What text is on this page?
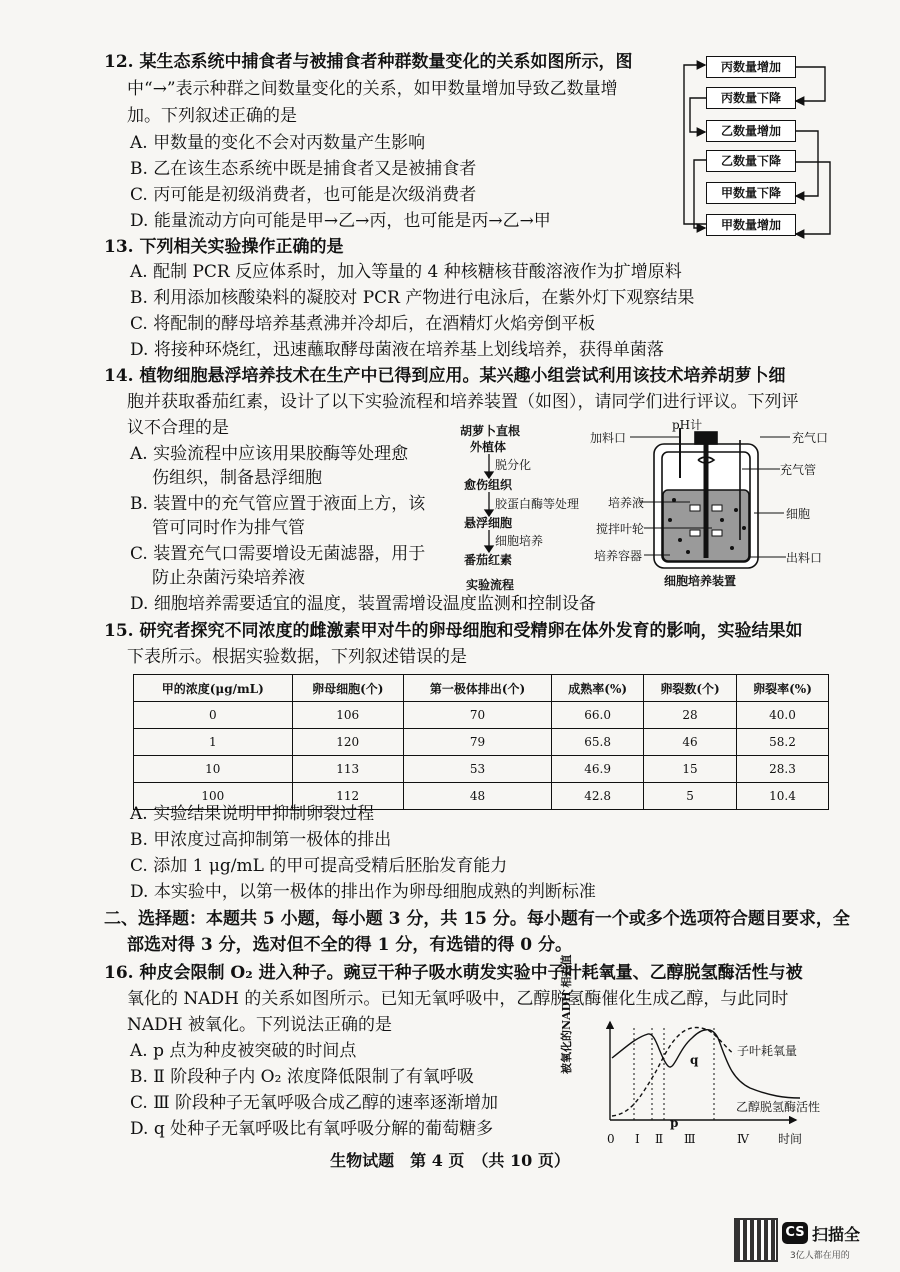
12. 某生态系统中捕食者与被捕食者种群数量变化的关系如图所示，图
中“→”表示种群之间数量变化的关系，如甲数量增加导致乙数量增
加。下列叙述正确的是
A. 甲数量的变化不会对丙数量产生影响
B. 乙在该生态系统中既是捕食者又是被捕食者
C. 丙可能是初级消费者，也可能是次级消费者
D. 能量流动方向可能是甲→乙→丙，也可能是丙→乙→甲
丙数量增加
丙数量下降
乙数量增加
乙数量下降
甲数量下降
甲数量增加
13. 下列相关实验操作正确的是
A. 配制 PCR 反应体系时，加入等量的 4 种核糖核苷酸溶液作为扩增原料
B. 利用添加核酸染料的凝胶对 PCR 产物进行电泳后，在紫外灯下观察结果
C. 将配制的酵母培养基煮沸并冷却后，在酒精灯火焰旁倒平板
D. 将接种环烧红，迅速蘸取酵母菌液在培养基上划线培养，获得单菌落
14. 植物细胞悬浮培养技术在生产中已得到应用。某兴趣小组尝试利用该技术培养胡萝卜细
胞并获取番茄红素，设计了以下实验流程和培养装置（如图），请同学们进行评议。下列评
议不合理的是
A. 实验流程中应该用果胶酶等处理愈
伤组织，制备悬浮细胞
B. 装置中的充气管应置于液面上方，该
管可同时作为排气管
C. 装置充气口需要增设无菌滤器，用于
防止杂菌污染培养液
D. 细胞培养需要适宜的温度，装置需增设温度监测和控制设备
胡萝卜直根
外植体
脱分化
愈伤组织
胶蛋白酶等处理
悬浮细胞
细胞培养
番茄红素
实验流程
加料口
pH计
充气口
充气管
培养液
细胞
搅拌叶轮
培养容器	出料口
细胞培养装置
15. 研究者探究不同浓度的雌激素甲对牛的卵母细胞和受精卵在体外发育的影响，实验结果如
下表所示。根据实验数据，下列叙述错误的是
甲的浓度(μg/mL)	卵母细胞(个)	第一极体排出(个)	成熟率(%)	卵裂数(个)	卵裂率(%)
0	106	70	66.0	28	40.0
1	120	79	65.8	46	58.2
10	113	53	46.9	15	28.3
100	112	48	42.8	5	10.4
A. 实验结果说明甲抑制卵裂过程
B. 甲浓度过高抑制第一极体的排出
C. 添加 1 μg/mL 的甲可提高受精后胚胎发育能力
D. 本实验中，以第一极体的排出作为卵母细胞成熟的判断标准
二、选择题：本题共 5 小题，每小题 3 分，共 15 分。每小题有一个或多个选项符合题目要求，全
部选对得 3 分，选对但不全的得 1 分，有选错的得 0 分。
16. 种皮会限制 O₂ 进入种子。豌豆干种子吸水萌发实验中子叶耗氧量、乙醇脱氢酶活性与被
氧化的 NADH 的关系如图所示。已知无氧呼吸中，乙醇脱氢酶催化生成乙醇，与此同时
NADH 被氧化。下列说法正确的是
A. p 点为种皮被突破的时间点
B. Ⅱ 阶段种子内 O₂ 浓度降低限制了有氧呼吸
C. Ⅲ 阶段种子无氧呼吸合成乙醇的速率逐渐增加
D. q 处种子无氧呼吸比有氧呼吸分解的葡萄糖多
被氧化的NADH 相对值
0 Ⅰ Ⅱ Ⅲ	Ⅳ 时间
p
q
子叶耗氧量
乙醇脱氢酶活性
生物试题　第 4 页　（共 10 页）
CS 扫描全
3亿人都在用的
